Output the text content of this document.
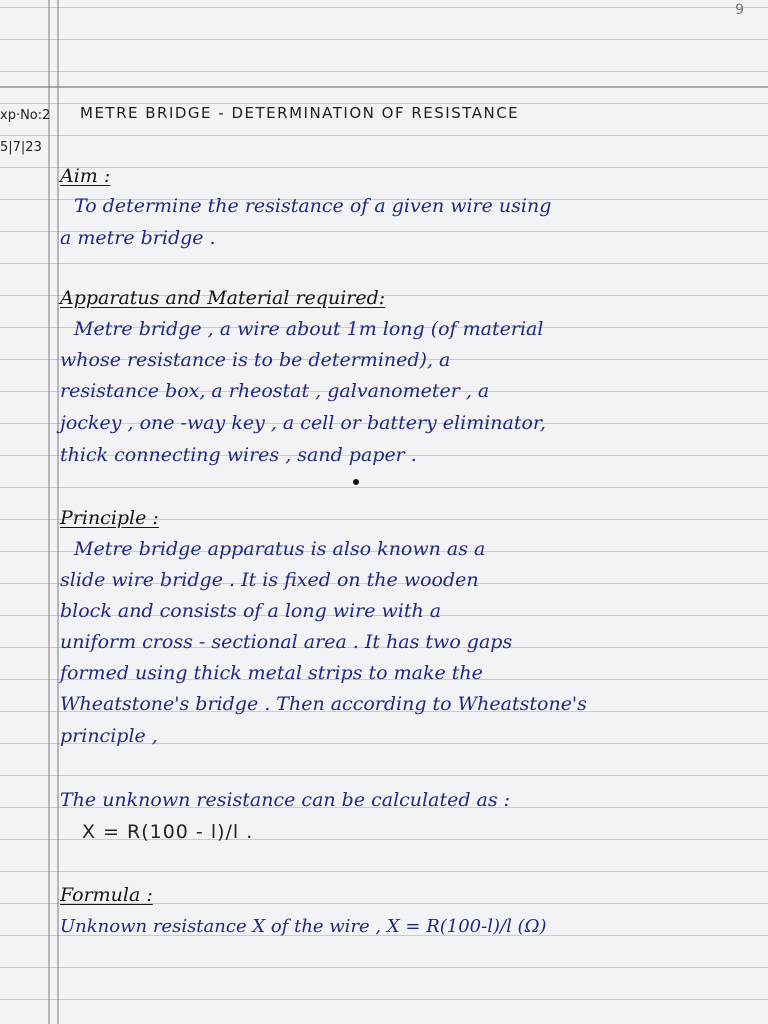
9
xp·No:2
5|7|23
METRE BRIDGE - DETERMINATION OF RESISTANCE
Aim :
To determine the resistance of a given wire using
a metre bridge .
Apparatus and Material required:
Metre bridge , a wire about 1m long (of material
whose resistance is to be determined), a
resistance box, a rheostat , galvanometer , a
jockey , one -way key , a cell or battery eliminator,
thick connecting wires , sand paper .
Principle :
Metre bridge apparatus is also known as a
slide wire bridge . It is fixed on the wooden
block and consists of a long wire with a
uniform cross - sectional area . It has two gaps
formed using thick metal strips to make the
Wheatstone's bridge . Then according to Wheatstone's
principle ,
The unknown resistance can be calculated as :
X = R(100 - l)/l .
Formula :
Unknown resistance X of the wire , X = R(100-l)/l (Ω)
